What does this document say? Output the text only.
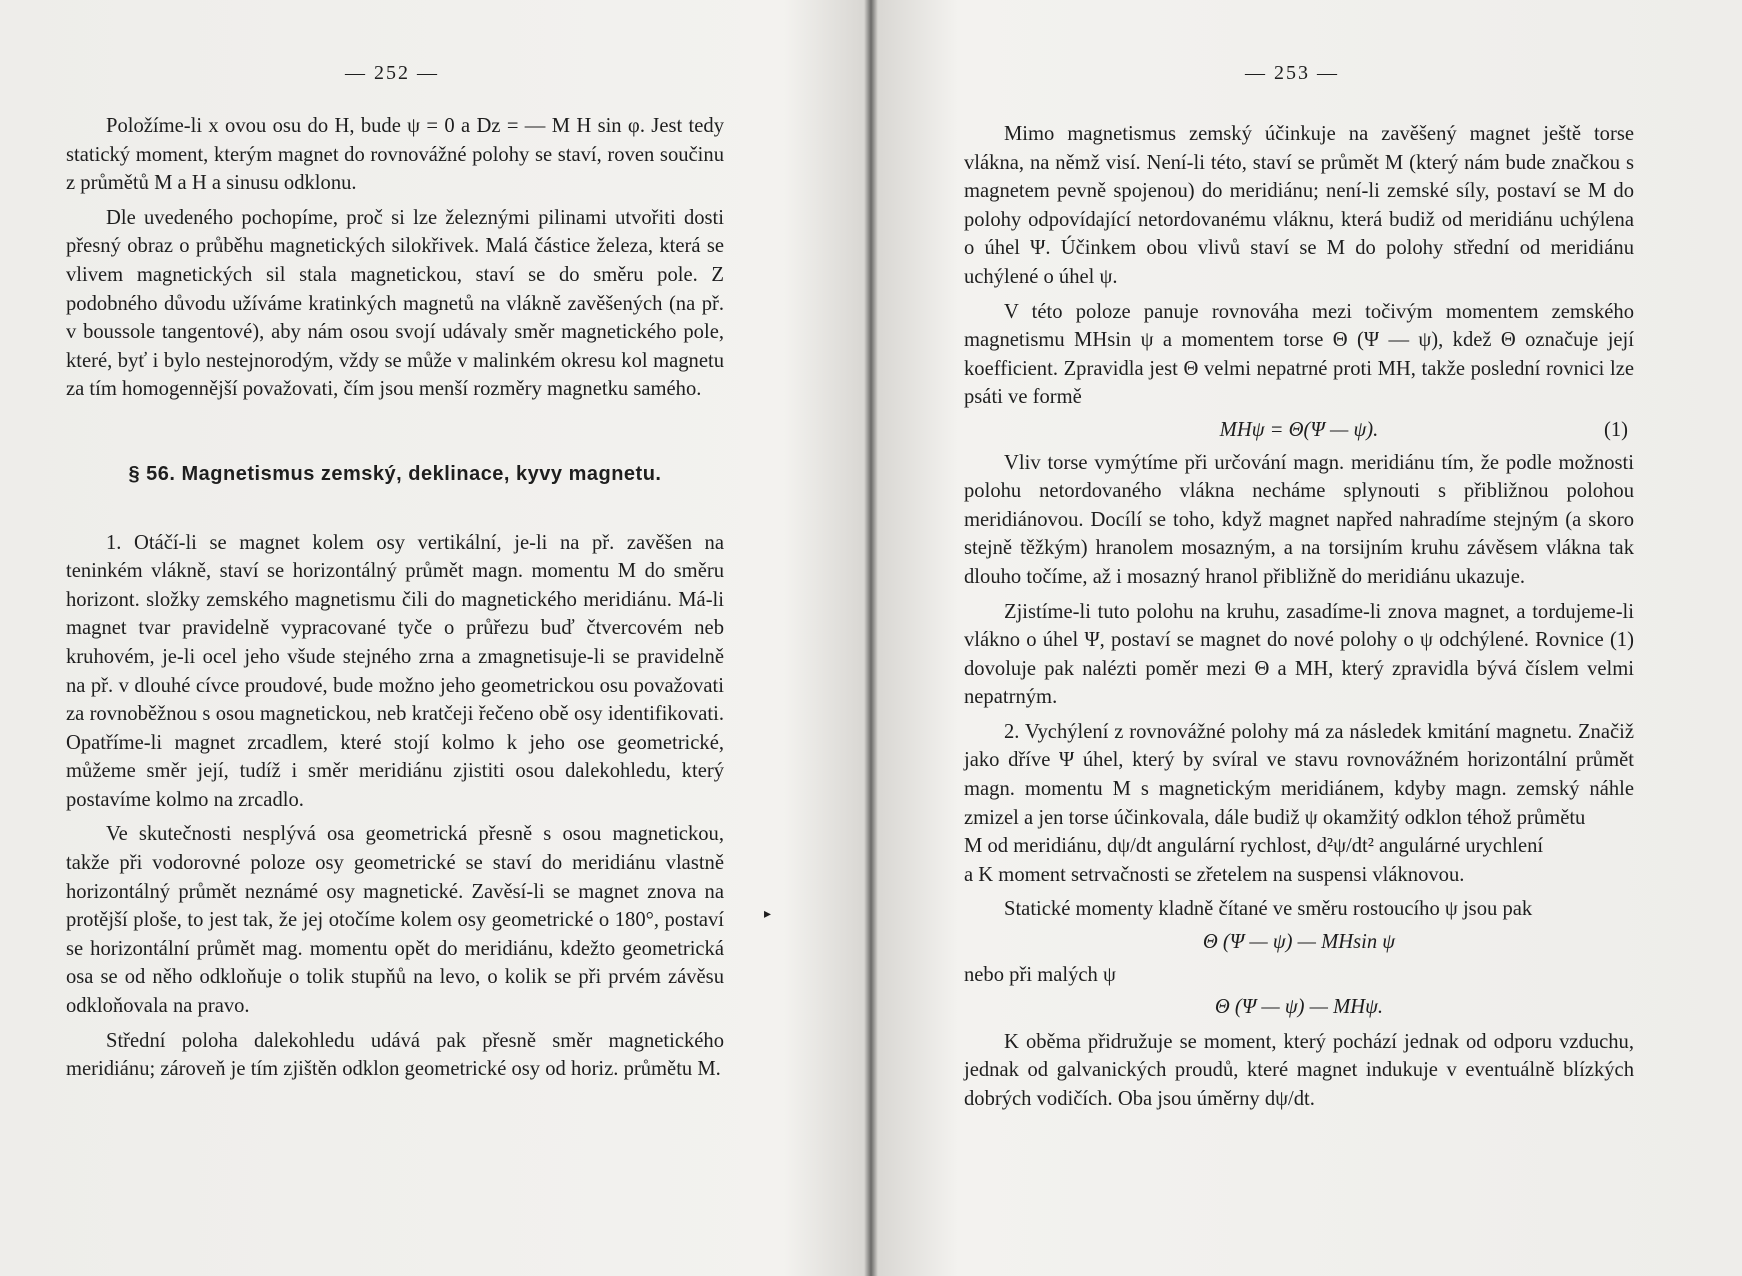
— 252 —

Položíme-li x ovou osu do H, bude ψ = 0 a Dz = — M H sin φ. Jest tedy statický moment, kterým magnet do rovnovážné polohy se staví, roven součinu z průmětů M a H a sinusu odklonu.

Dle uvedeného pochopíme, proč si lze železnými pilinami utvořiti dosti přesný obraz o průběhu magnetických silokřivek. Malá částice železa, která se vlivem magnetických sil stala magnetickou, staví se do směru pole. Z podobného důvodu užíváme kratinkých magnetů na vlákně zavěšených (na př. v boussole tangentové), aby nám osou svojí udávaly směr magnetického pole, které, byť i bylo nestejnorodým, vždy se může v malinkém okresu kol magnetu za tím homogennější považovati, čím jsou menší rozměry magnetku samého.

§ 56. Magnetismus zemský, deklinace, kyvy magnetu.

1. Otáčí-li se magnet kolem osy vertikální, je-li na př. zavěšen na teninkém vlákně, staví se horizontálný průmět magn. momentu M do směru horizont. složky zemského magnetismu čili do magnetického meridiánu. Má-li magnet tvar pravidelně vypracované tyče o průřezu buď čtvercovém neb kruhovém, je-li ocel jeho všude stejného zrna a zmagnetisuje-li se pravidelně na př. v dlouhé cívce proudové, bude možno jeho geometrickou osu považovati za rovnoběžnou s osou magnetickou, neb kratčeji řečeno obě osy identifikovati. Opatříme-li magnet zrcadlem, které stojí kolmo k jeho ose geometrické, můžeme směr její, tudíž i směr meridiánu zjistiti osou dalekohledu, který postavíme kolmo na zrcadlo.

Ve skutečnosti nesplývá osa geometrická přesně s osou magnetickou, takže při vodorovné poloze osy geometrické se staví do meridiánu vlastně horizontálný průmět neznámé osy magnetické. Zavěsí-li se magnet znova na protější ploše, to jest tak, že jej otočíme kolem osy geometrické o 180°, postaví se horizontální průmět mag. momentu opět do meridiánu, kdežto geometrická osa se od něho odkloňuje o tolik stupňů na levo, o kolik se při prvém závěsu odkloňovala na pravo.

Střední poloha dalekohledu udává pak přesně směr magnetického meridiánu; zároveň je tím zjištěn odklon geometrické osy od horiz. průmětu M.

▸
— 253 —

Mimo magnetismus zemský účinkuje na zavěšený magnet ještě torse vlákna, na němž visí. Není-li této, staví se průmět M (který nám bude značkou s magnetem pevně spojenou) do meridiánu; není-li zemské síly, postaví se M do polohy odpovídající netordovanému vláknu, která budiž od meridiánu uchýlena o úhel Ψ. Účinkem obou vlivů staví se M do polohy střední od meridiánu uchýlené o úhel ψ.

V této poloze panuje rovnováha mezi točivým momentem zemského magnetismu MHsin ψ a momentem torse Θ (Ψ — ψ), kdež Θ označuje její koefficient. Zpravidla jest Θ velmi nepatrné proti MH, takže poslední rovnici lze psáti ve formě

MHψ = Θ(Ψ — ψ).	(1)

Vliv torse vymýtíme při určování magn. meridiánu tím, že podle možnosti polohu netordovaného vlákna necháme splynouti s přibližnou polohou meridiánovou. Docílí se toho, když magnet napřed nahradíme stejným (a skoro stejně těžkým) hranolem mosazným, a na torsijním kruhu závěsem vlákna tak dlouho točíme, až i mosazný hranol přibližně do meridiánu ukazuje.

Zjistíme-li tuto polohu na kruhu, zasadíme-li znova magnet, a tordujeme-li vlákno o úhel Ψ, postaví se magnet do nové polohy o ψ odchýlené. Rovnice (1) dovoluje pak nalézti poměr mezi Θ a MH, který zpravidla bývá číslem velmi nepatrným.

2. Vychýlení z rovnovážné polohy má za následek kmitání magnetu. Značiž jako dříve Ψ úhel, který by svíral ve stavu rovnovážném horizontální průmět magn. momentu M s magnetickým meridiánem, kdyby magn. zemský náhle zmizel a jen torse účinkovala, dále budiž ψ okamžitý odklon téhož průmětu

M od meridiánu, dψ/dt angulární rychlost, d²ψ/dt² angulárné urychlení

a K moment setrvačnosti se zřetelem na suspensi vláknovou.

Statické momenty kladně čítané ve směru rostoucího ψ jsou pak

Θ (Ψ — ψ) — MHsin ψ

nebo při malých ψ

Θ (Ψ — ψ) — MHψ.

K oběma přidružuje se moment, který pochází jednak od odporu vzduchu, jednak od galvanických proudů, které magnet indukuje v eventuálně blízkých dobrých vodičích. Oba jsou úměrny dψ/dt.
